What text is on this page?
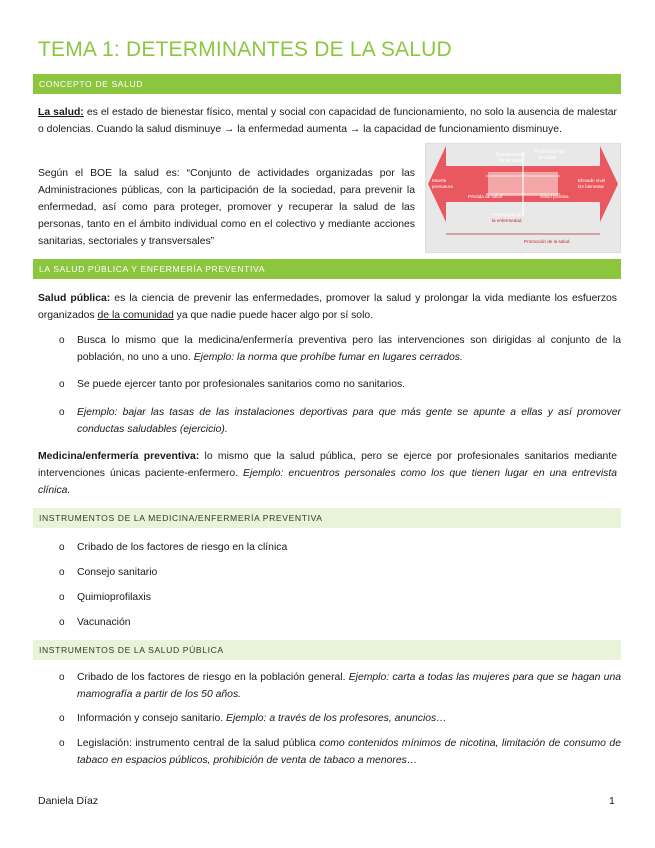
TEMA 1: DETERMINANTES DE LA SALUD
CONCEPTO DE SALUD

La salud: es el estado de bienestar físico, mental y social con capacidad de funcionamiento, no solo la ausencia de malestar o dolencias. Cuando la salud disminuye → la enfermedad aumenta → la capacidad de funcionamiento disminuye.

Según el BOE la salud es: “Conjunto de actividades organizadas por las Administraciones públicas, con la participación de la sociedad, para prevenir la enfermedad, así como para proteger, promover y recuperar la salud de las personas, tanto en el ámbito individual como en el colectivo y mediante acciones sanitarias, sectoriales y transversales”

Restauración
De la salud
Protección de
la salud
Muerte
prematura
Elevado nivel
De bienestar
Pérdida de salud	Salud positiva
Prevención de
la enfermedad
Promoción de la salud
LA SALUD PÚBLICA Y ENFERMERÍA PREVENTIVA

Salud pública: es la ciencia de prevenir las enfermedades, promover la salud y prolongar la vida mediante los esfuerzos organizados de la comunidad ya que nadie puede hacer algo por sí solo.

o Busca lo mismo que la medicina/enfermería preventiva pero las intervenciones son dirigidas al conjunto de la población, no uno a uno. Ejemplo: la norma que prohíbe fumar en lugares cerrados.
o Se puede ejercer tanto por profesionales sanitarios como no sanitarios.
o Ejemplo: bajar las tasas de las instalaciones deportivas para que más gente se apunte a ellas y así promover conductas saludables (ejercicio).

Medicina/enfermería preventiva: lo mismo que la salud pública, pero se ejerce por profesionales sanitarios mediante intervenciones únicas paciente-enfermero. Ejemplo: encuentros personales como los que tienen lugar en una entrevista clínica.

INSTRUMENTOS DE LA MEDICINA/ENFERMERÍA PREVENTIVA
o Cribado de los factores de riesgo en la clínica
o Consejo sanitario
o Quimioprofilaxis
o Vacunación
INSTRUMENTOS DE LA SALUD PÚBLICA
o Cribado de los factores de riesgo en la población general. Ejemplo: carta a todas las mujeres para que se hagan una mamografía a partir de los 50 años.
o Información y consejo sanitario. Ejemplo: a través de los profesores, anuncios…
o Legislación: instrumento central de la salud pública como contenidos mínimos de nicotina, limitación de consumo de tabaco en espacios públicos, prohibición de venta de tabaco a menores…
Daniela Díaz	1
